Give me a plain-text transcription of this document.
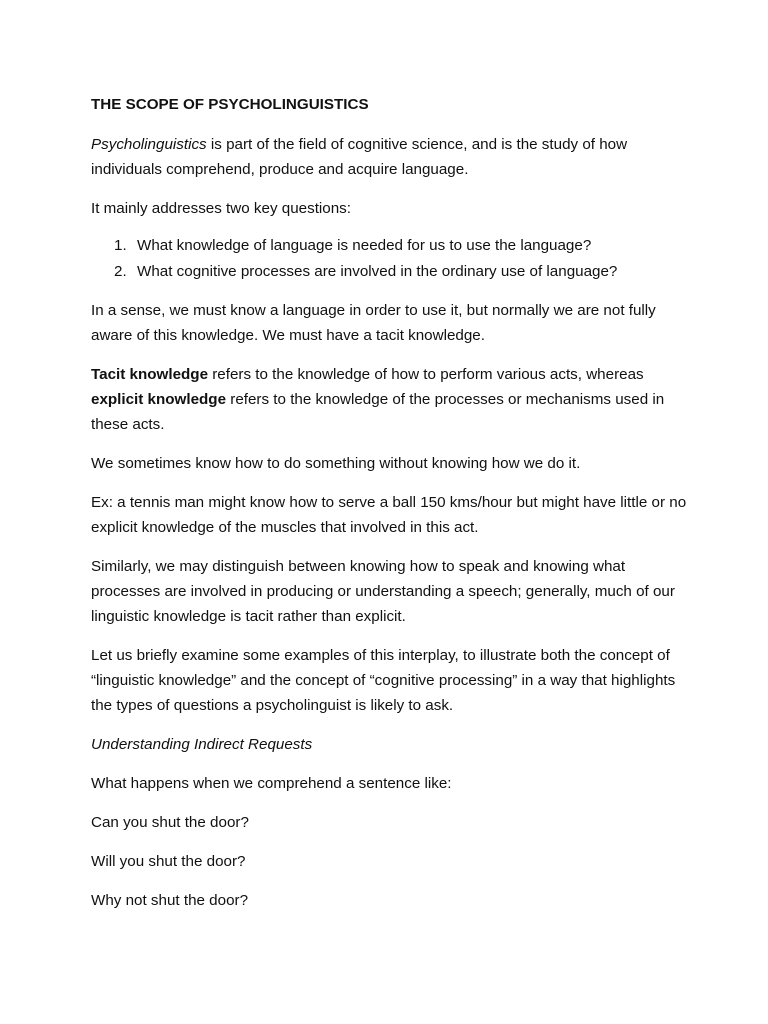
THE SCOPE OF PSYCHOLINGUISTICS

Psycholinguistics is part of the field of cognitive science, and is the study of how individuals comprehend, produce and acquire language.

It mainly addresses two key questions:

1. What knowledge of language is needed for us to use the language?
2. What cognitive processes are involved in the ordinary use of language?

In a sense, we must know a language in order to use it, but normally we are not fully aware of this knowledge. We must have a tacit knowledge.

Tacit knowledge refers to the knowledge of how to perform various acts, whereas explicit knowledge refers to the knowledge of the processes or mechanisms used in these acts.

We sometimes know how to do something without knowing how we do it.

Ex: a tennis man might know how to serve a ball 150 kms/hour but might have little or no explicit knowledge of the muscles that involved in this act.

Similarly, we may distinguish between knowing how to speak and knowing what processes are involved in producing or understanding a speech; generally, much of our linguistic knowledge is tacit rather than explicit.

Let us briefly examine some examples of this interplay, to illustrate both the concept of “linguistic knowledge” and the concept of “cognitive processing” in a way that highlights the types of questions a psycholinguist is likely to ask.

Understanding Indirect Requests

What happens when we comprehend a sentence like:

Can you shut the door?

Will you shut the door?

Why not shut the door?
